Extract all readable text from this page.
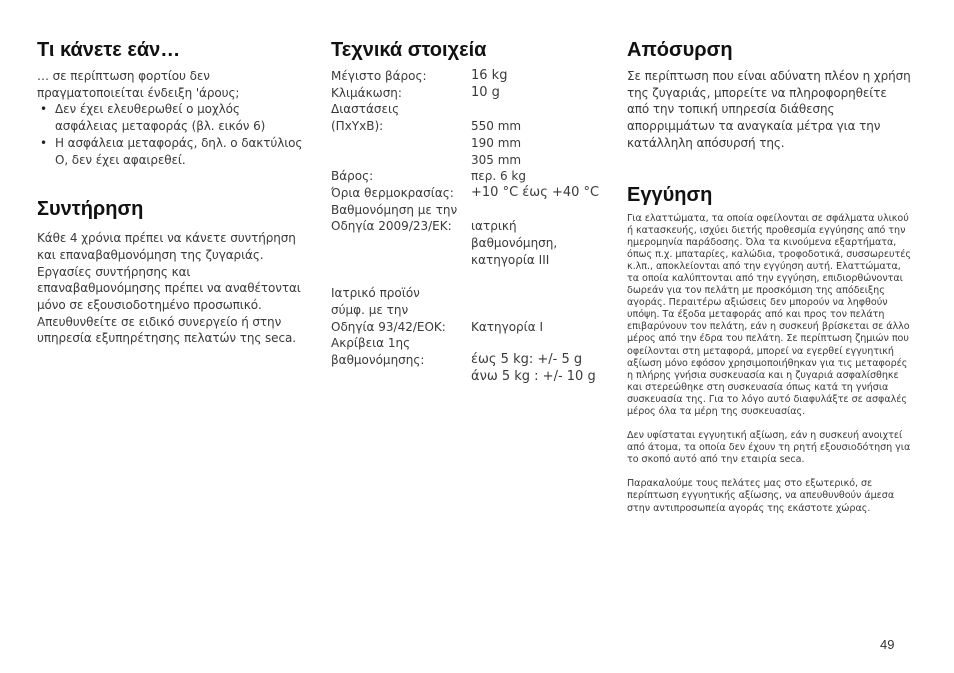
Τι κάνετε εάν…

… σε περίπτωση φορτίου δεν πραγματοποιείται ένδειξη 'άρους;

• Δεν έχει ελευθερωθεί ο μοχλός ασφάλειας μεταφοράς (βλ. εικόν 6)
• Η ασφάλεια μεταφοράς, δηλ. ο δακτύλιος Ο, δεν έχει αφαιρεθεί.
Συντήρηση
Κάθε 4 χρόνια πρέπει να κάνετε συντήρηση και επαναβαθμονόμηση της ζυγαριάς. Εργασίες συντήρησης και επαναβαθμονόμησης πρέπει να αναθέτονται μόνο σε εξουσιοδοτημένο προσωπικό. Απευθυνθείτε σε ειδικό συνεργείο ή στην υπηρεσία εξυπηρέτησης πελατών της seca.
Τεχνικά στοιχεία
Μέγιστο βάρος:	16 kg
Κλιμάκωση:	10 g
Διαστάσεις
(ΠxYxB):	550 mm
190 mm
305 mm
Βάρος:	περ. 6 kg
Όρια θερμοκρασίας:	+10 °C έως +40 °C
Βαθμονόμηση με την
Οδηγία 2009/23/ΕΚ:	ιατρική
βαθμονόμηση,
κατηγορία III
Ιατρικό προϊόν
σύμφ. με την
Οδηγία 93/42/ΕΟΚ:	Κατηγορία I
Ακρίβεια 1ης
βαθμονόμησης:	έως 5 kg: +/- 5 g
άνω 5 kg : +/- 10 g
Απόσυρση
Σε περίπτωση που είναι αδύνατη πλέον η χρήση της ζυγαριάς, μπορείτε να πληροφορηθείτε από την τοπική υπηρεσία διάθεσης απορριμμάτων τα αναγκαία μέτρα για την κατάλληλη απόσυρσή της.
Εγγύηση

Για ελαττώματα, τα οποία οφείλονται σε σφάλματα υλικού ή κατασκευής, ισχύει διετής προθεσμία εγγύησης από την ημερομηνία παράδοσης. Όλα τα κινούμενα εξαρτήματα, όπως π.χ. μπαταρίες, καλώδια, τροφοδοτικά, συσσωρευτές κ.λπ., αποκλείονται από την εγγύηση αυτή. Ελαττώματα, τα οποία καλύπτονται από την εγγύηση, επιδιορθώνονται δωρεάν για τον πελάτη με προσκόμιση της απόδειξης αγοράς. Περαιτέρω αξιώσεις δεν μπορούν να ληφθούν υπόψη. Τα έξοδα μεταφοράς από και προς τον πελάτη επιβαρύνουν τον πελάτη, εάν η συσκευή βρίσκεται σε άλλο μέρος από την έδρα του πελάτη. Σε περίπτωση ζημιών που οφείλονται στη μεταφορά, μπορεί να εγερθεί εγγυητική αξίωση μόνο εφόσον χρησιμοποιήθηκαν για τις μεταφορές η πλήρης γνήσια συσκευασία και η ζυγαριά ασφαλίσθηκε και στερεώθηκε στη συσκευασία όπως κατά τη γνήσια συσκευασία της. Για το λόγο αυτό διαφυλάξτε σε ασφαλές μέρος όλα τα μέρη της συσκευασίας.

Δεν υφίσταται εγγυητική αξίωση, εάν η συσκευή ανοιχτεί από άτομα, τα οποία δεν έχουν τη ρητή εξουσιοδότηση για το σκοπό αυτό από την εταιρία seca.

Παρακαλούμε τους πελάτες μας στο εξωτερικό, σε περίπτωση εγγυητικής αξίωσης, να απευθυνθούν άμεσα στην αντιπροσωπεία αγοράς της εκάστοτε χώρας.

49
